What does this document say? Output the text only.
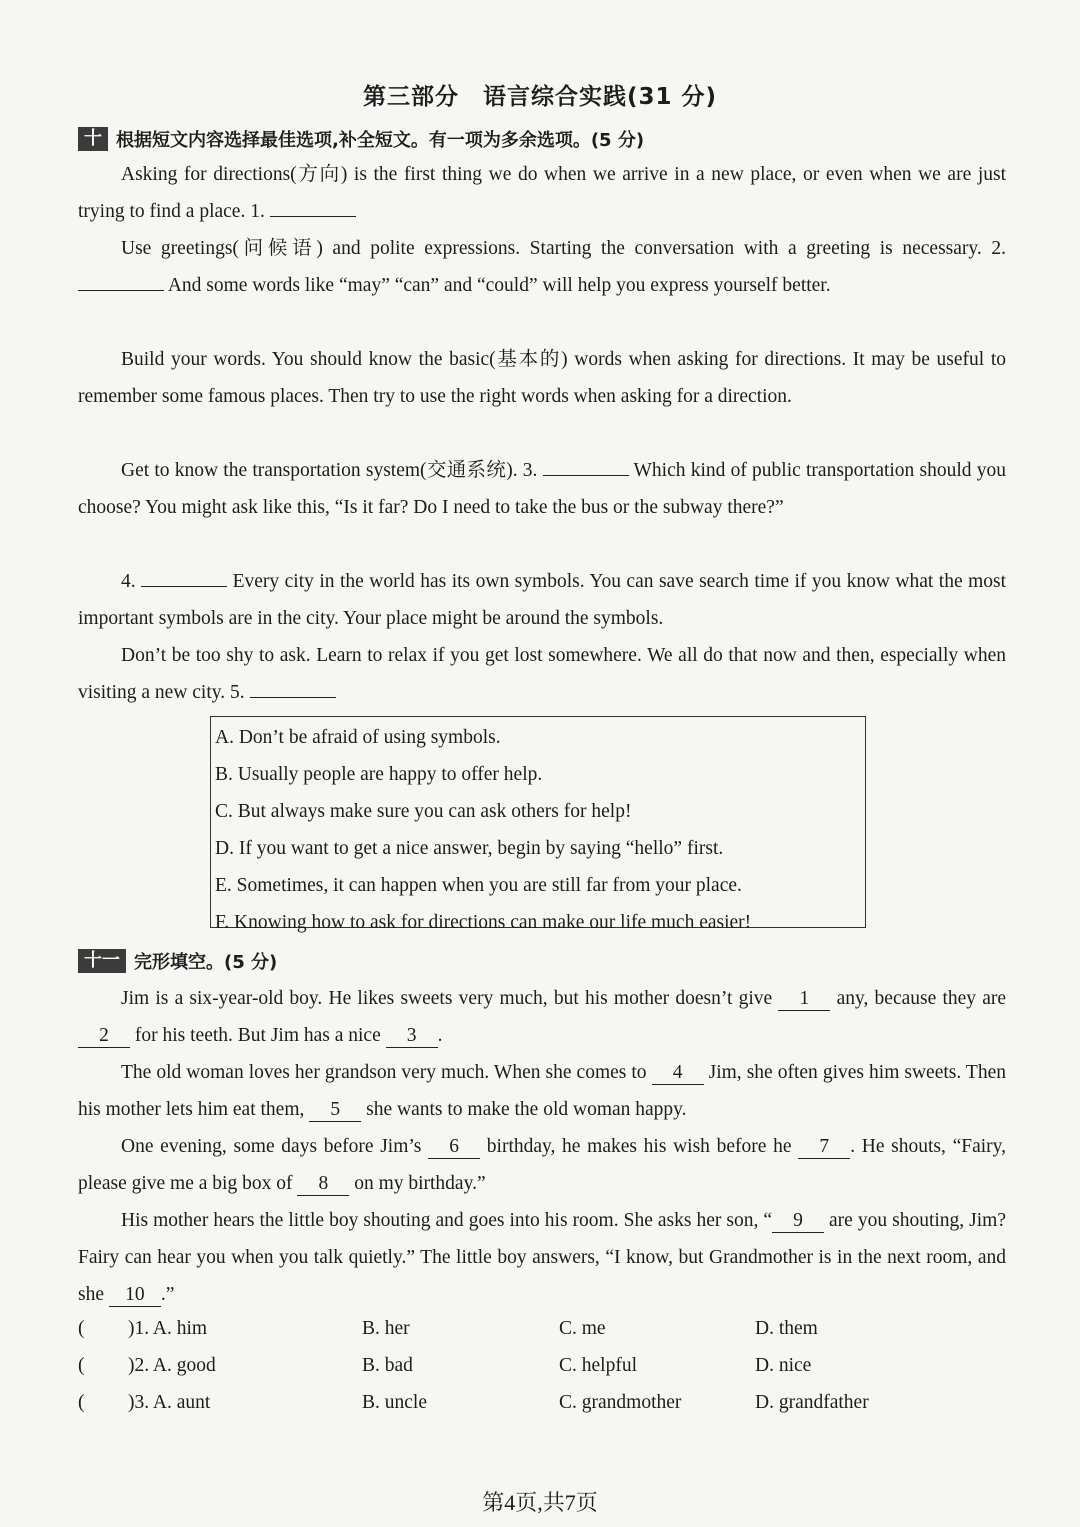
第三部分　语言综合实践(31 分)
十 根据短文内容选择最佳选项,补全短文。有一项为多余选项。(5 分)
Asking for directions(方向) is the first thing we do when we arrive in a new place, or even when we are just trying to find a place. 1.
Use greetings(问候语) and polite expressions. Starting the conversation with a greeting is necessary. 2.  And some words like “may” “can” and “could” will help you express yourself better.
Build your words. You should know the basic(基本的) words when asking for directions. It may be useful to remember some famous places. Then try to use the right words when asking for a direction.
Get to know the transportation system(交通系统). 3.	Which kind of public transportation should you choose? You might ask like this, “Is it far? Do I need to take the bus or the subway there?”
4.	Every city in the world has its own symbols. You can save search time if you know what the most important symbols are in the city. Your place might be around the symbols.
Don’t be too shy to ask. Learn to relax if you get lost somewhere. We all do that now and then, especially when visiting a new city. 5.
A. Don’t be afraid of using symbols.
B. Usually people are happy to offer help.
C. But always make sure you can ask others for help!
D. If you want to get a nice answer, begin by saying “hello” first.
E. Sometimes, it can happen when you are still far from your place.
F. Knowing how to ask for directions can make our life much easier!
十一 完形填空。(5 分)
Jim is a six-year-old boy. He likes sweets very much, but his mother doesn’t give 1 any, because they are 2 for his teeth. But Jim has a nice 3 .
The old woman loves her grandson very much. When she comes to 4 Jim, she often gives him sweets. Then his mother lets him eat them, 5 she wants to make the old woman happy.
One evening, some days before Jim’s 6 birthday, he makes his wish before he 7 . He shouts, “Fairy, please give me a big box of 8 on my birthday.”
His mother hears the little boy shouting and goes into his room. She asks her son, “ 9 are you shouting, Jim? Fairy can hear you when you talk quietly.” The little boy answers, “I know, but Grandmother is in the next room, and she 10 .”
( )1. A. him	B. her	C. me	D. them
( )2. A. good	B. bad	C. helpful	D. nice
( )3. A. aunt	B. uncle	C. grandmother	D. grandfather
第4页,共7页
